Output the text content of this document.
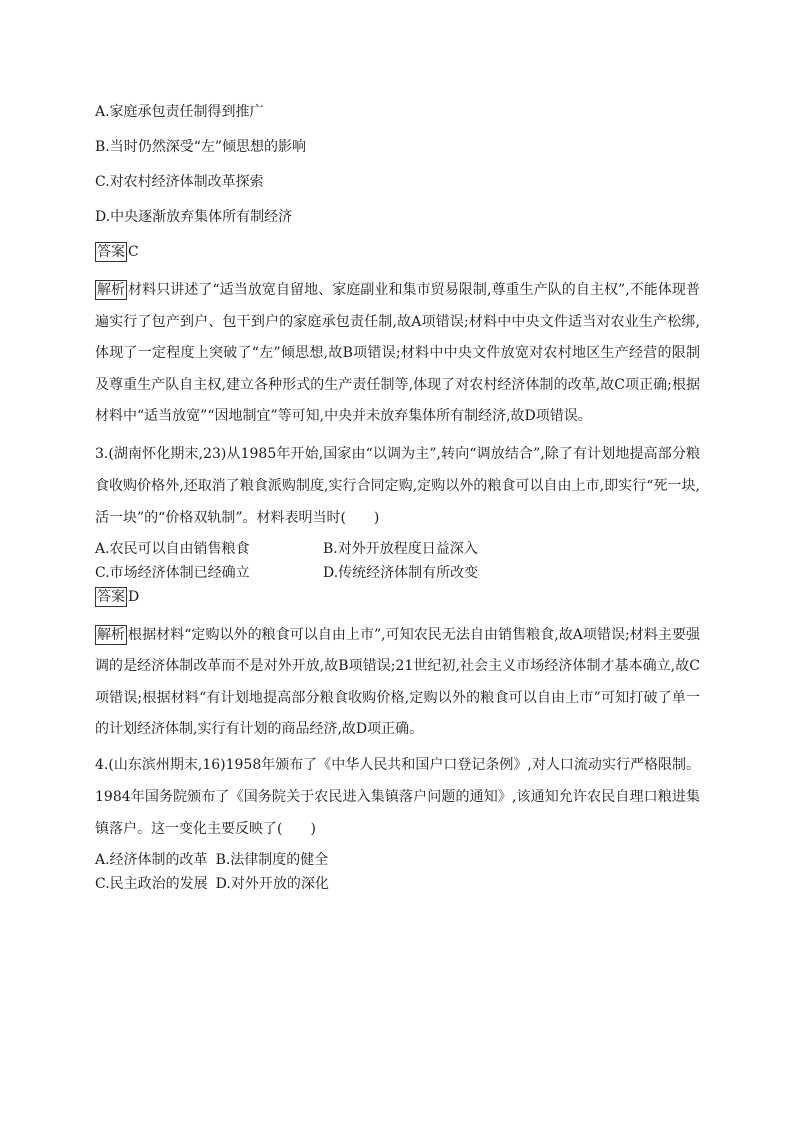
A.家庭承包责任制得到推广

B.当时仍然深受“左”倾思想的影响

C.对农村经济体制改革探索

D.中央逐渐放弃集体所有制经济

答案 C

解析 材料只讲述了“适当放宽自留地、家庭副业和集市贸易限制,尊重生产队的自主权”,不能体现普遍实行了包产到户、包干到户的家庭承包责任制,故A项错误;材料中中央文件适当对农业生产松绑,体现了一定程度上突破了“左”倾思想,故B项错误;材料中中央文件放宽对农村地区生产经营的限制及尊重生产队自主权,建立各种形式的生产责任制等,体现了对农村经济体制的改革,故C项正确;根据材料中“适当放宽”“因地制宜”等可知,中央并未放弃集体所有制经济,故D项错误。

3.(湖南怀化期末,23)从1985年开始,国家由“以调为主”,转向“调放结合”,除了有计划地提高部分粮食收购价格外,还取消了粮食派购制度,实行合同定购,定购以外的粮食可以自由上市,即实行“死一块,活一块”的“价格双轨制”。材料表明当时(　　)

A.农民可以自由销售粮食	B.对外开放程度日益深入
C.市场经济体制已经确立	D.传统经济体制有所改变

答案 D

解析 根据材料“定购以外的粮食可以自由上市”,可知农民无法自由销售粮食,故A项错误;材料主要强调的是经济体制改革而不是对外开放,故B项错误;21世纪初,社会主义市场经济体制才基本确立,故C项错误;根据材料“有计划地提高部分粮食收购价格,定购以外的粮食可以自由上市”可知打破了单一的计划经济体制,实行有计划的商品经济,故D项正确。

4.(山东滨州期末,16)1958年颁布了《中华人民共和国户口登记条例》,对人口流动实行严格限制。1984年国务院颁布了《国务院关于农民进入集镇落户问题的通知》,该通知允许农民自理口粮进集镇落户。这一变化主要反映了(　　)

A.经济体制的改革 B.法律制度的健全
C.民主政治的发展 D.对外开放的深化
